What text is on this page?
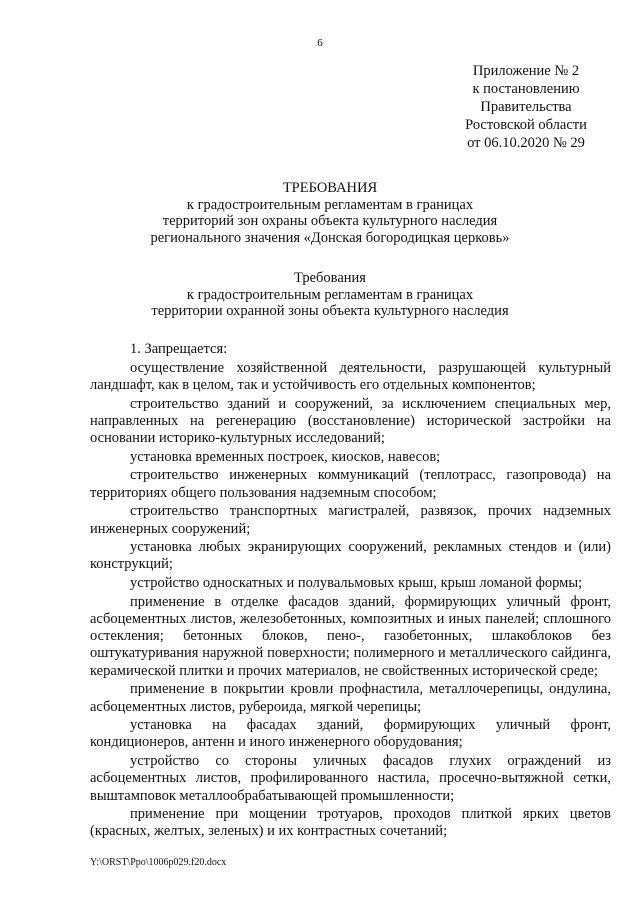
6
Приложение № 2
к постановлению
Правительства
Ростовской области
от 06.10.2020 № 29
ТРЕБОВАНИЯ
к градостроительным регламентам в границах
территорий зон охраны объекта культурного наследия
регионального значения «Донская богородицкая церковь»
Требования
к градостроительным регламентам в границах
территории охранной зоны объекта культурного наследия

1. Запрещается:

осуществление хозяйственной деятельности, разрушающей культурный ландшафт, как в целом, так и устойчивость его отдельных компонентов;

строительство зданий и сооружений, за исключением специальных мер, направленных на регенерацию (восстановление) исторической застройки на основании историко-культурных исследований;

установка временных построек, киосков, навесов;

строительство инженерных коммуникаций (теплотрасс, газопровода) на территориях общего пользования надземным способом;

строительство транспортных магистралей, развязок, прочих надземных инженерных сооружений;

установка любых экранирующих сооружений, рекламных стендов и (или) конструкций;

устройство односкатных и полувальмовых крыш, крыш ломаной формы;

применение в отделке фасадов зданий, формирующих уличный фронт, асбоцементных листов, железобетонных, композитных и иных панелей; сплошного остекления; бетонных блоков, пено-, газобетонных, шлакоблоков без оштукатуривания наружной поверхности; полимерного и металлического сайдинга, керамической плитки и прочих материалов, не свойственных исторической среде;

применение в покрытии кровли профнастила, металлочерепицы, ондулина, асбоцементных листов, рубероида, мягкой черепицы;

установка на фасадах зданий, формирующих уличный фронт, кондиционеров, антенн и иного инженерного оборудования;

устройство со стороны уличных фасадов глухих ограждений из асбоцементных листов, профилированного настила, просечно-вытяжной сетки, выштамповок металлообрабатывающей промышленности;

применение при мощении тротуаров, проходов плиткой ярких цветов (красных, желтых, зеленых) и их контрастных сочетаний;

Y:\ORST\Ppo\1006p029.f20.docx
